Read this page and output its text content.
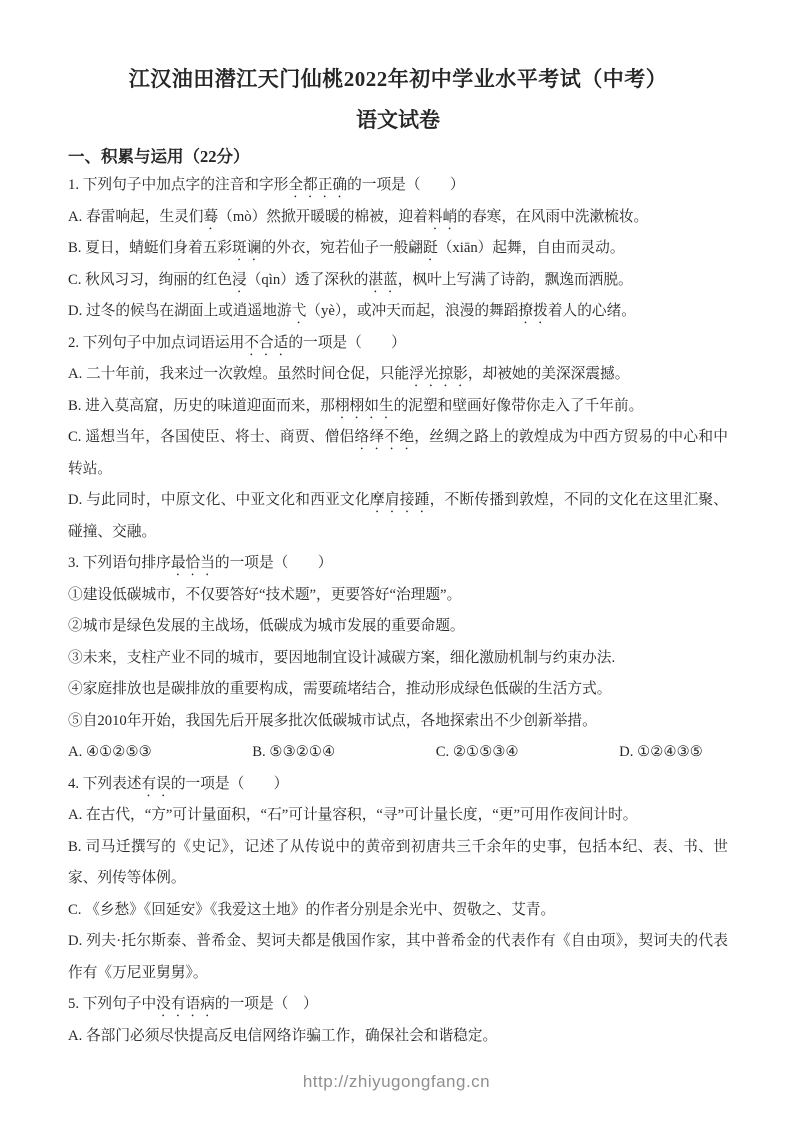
江汉油田潜江天门仙桃2022年初中学业水平考试（中考）
语文试卷
一、积累与运用（22分）

1. 下列句子中加点字的注音和字形全都正确的一项是（　　）

A. 春雷响起，生灵们蓦（mò）然掀开暖暖的棉被，迎着料峭的春寒，在风雨中洗漱梳妆。

B. 夏日，蜻蜓们身着五彩斑谰的外衣，宛若仙子一般翩跹（xiān）起舞，自由而灵动。

C. 秋风习习，绚丽的红色浸（qìn）透了深秋的湛蓝，枫叶上写满了诗韵，飘逸而洒脱。

D. 过冬的候鸟在湖面上或逍遥地游弋（yè），或冲天而起，浪漫的舞蹈撩拨着人的心绪。

2. 下列句子中加点词语运用不合适的一项是（　　）

A. 二十年前，我来过一次敦煌。虽然时间仓促，只能浮光掠影，却被她的美深深震撼。

B. 进入莫高窟，历史的味道迎面而来，那栩栩如生的泥塑和壁画好像带你走入了千年前。

C. 遥想当年，各国使臣、将士、商贾、僧侣络绎不绝，丝绸之路上的敦煌成为中西方贸易的中心和中转站。

D. 与此同时，中原文化、中亚文化和西亚文化摩肩接踵，不断传播到敦煌，不同的文化在这里汇聚、碰撞、交融。

3. 下列语句排序最恰当的一项是（　　）

①建设低碳城市，不仅要答好“技术题”，更要答好“治理题”。

②城市是绿色发展的主战场，低碳成为城市发展的重要命题。

③未来，支柱产业不同的城市，要因地制宜设计减碳方案，细化激励机制与约束办法.

④家庭排放也是碳排放的重要构成，需要疏堵结合，推动形成绿色低碳的生活方式。

⑤自2010年开始，我国先后开展多批次低碳城市试点，各地探索出不少创新举措。

A. ④①②⑤③	B. ⑤③②①④	C. ②①⑤③④	D. ①②④③⑤

4. 下列表述有误的一项是（　　）

A. 在古代，“方”可计量面积，“石”可计量容积，“寻”可计量长度，“更”可用作夜间计时。

B. 司马迁撰写的《史记》，记述了从传说中的黄帝到初唐共三千余年的史事，包括本纪、表、书、世家、列传等体例。

C. 《乡愁》《回延安》《我爱这土地》的作者分别是余光中、贺敬之、艾青。

D. 列夫·托尔斯泰、普希金、契诃夫都是俄国作家，其中普希金的代表作有《自由项》，契诃夫的代表作有《万尼亚舅舅》。

5. 下列句子中没有语病的一项是（　）

A. 各部门必须尽快提高反电信网络诈骗工作，确保社会和谐稳定。

http://zhiyugongfang.cn
